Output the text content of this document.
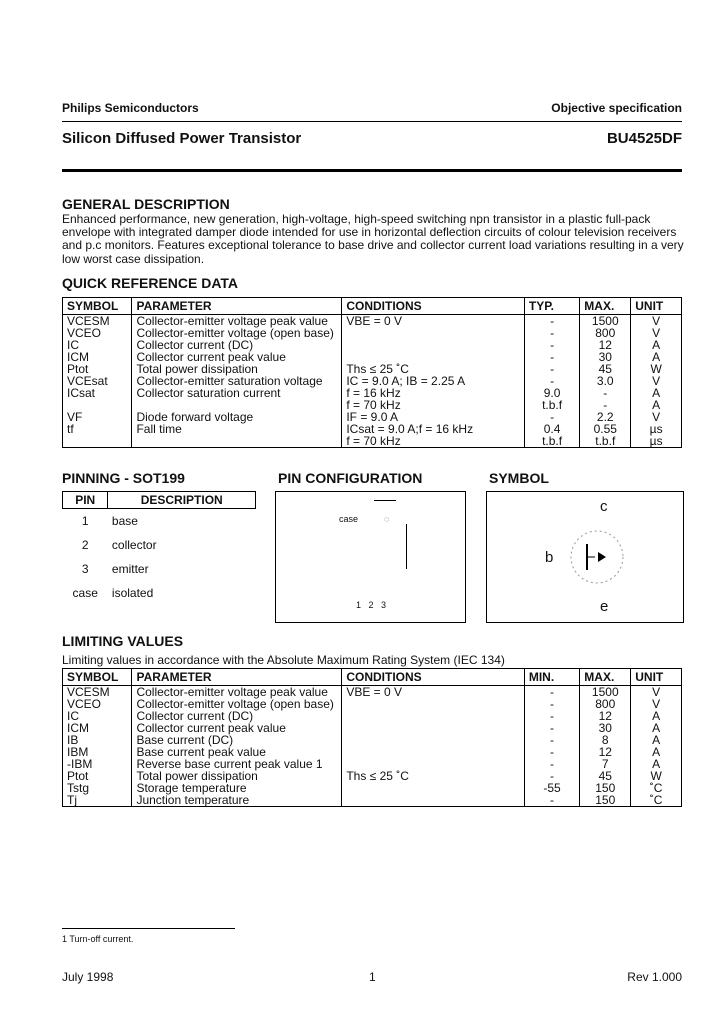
Philips Semiconductors	Objective specification
Silicon Diffused Power Transistor	BU4525DF
GENERAL DESCRIPTION
Enhanced performance, new generation, high-voltage, high-speed switching npn transistor in a plastic full-pack envelope with integrated damper diode intended for use in horizontal deflection circuits of colour television receivers and p.c monitors. Features exceptional tolerance to base drive and collector current load variations resulting in a very low worst case dissipation.
QUICK REFERENCE DATA
SYMBOL	PARAMETER	CONDITIONS	TYP.	MAX.	UNIT
VCESM	Collector-emitter voltage peak value	VBE = 0 V	-	1500	V
VCEO	Collector-emitter voltage (open base)		-	800	V
IC	Collector current (DC)		-	12	A
ICM	Collector current peak value		-	30	A
Ptot	Total power dissipation	Ths ≤ 25 ˚C	-	45	W
VCEsat	Collector-emitter saturation voltage	IC = 9.0 A; IB = 2.25 A	-	3.0	V
ICsat	Collector saturation current	f = 16 kHz	9.0	-	A
		f = 70 kHz	t.b.f	-	A
VF	Diode forward voltage	IF = 9.0 A	-	2.2	V
tf	Fall time	ICsat = 9.0 A;f = 16 kHz	0.4	0.55	µs
		f = 70 kHz	t.b.f	t.b.f	µs
PINNING - SOT199
PIN	DESCRIPTION
1	base
2	collector
3	emitter
case	isolated
PIN CONFIGURATION
case	◌
1   2   3
SYMBOL
c
b
e
LIMITING VALUES
Limiting values in accordance with the Absolute Maximum Rating System (IEC 134)
SYMBOL	PARAMETER	CONDITIONS	MIN.	MAX.	UNIT
VCESM	Collector-emitter voltage peak value	VBE = 0 V	-	1500	V
VCEO	Collector-emitter voltage (open base)		-	800	V
IC	Collector current (DC)		-	12	A
ICM	Collector current peak value		-	30	A
IB	Base current (DC)		-	8	A
IBM	Base current peak value		-	12	A
-IBM	Reverse base current peak value 1		-	7	A
Ptot	Total power dissipation	Ths ≤ 25 ˚C	-	45	W
Tstg	Storage temperature		-55	150	˚C
Tj	Junction temperature		-	150	˚C
1 Turn-off current.
July 1998	1	Rev 1.000
